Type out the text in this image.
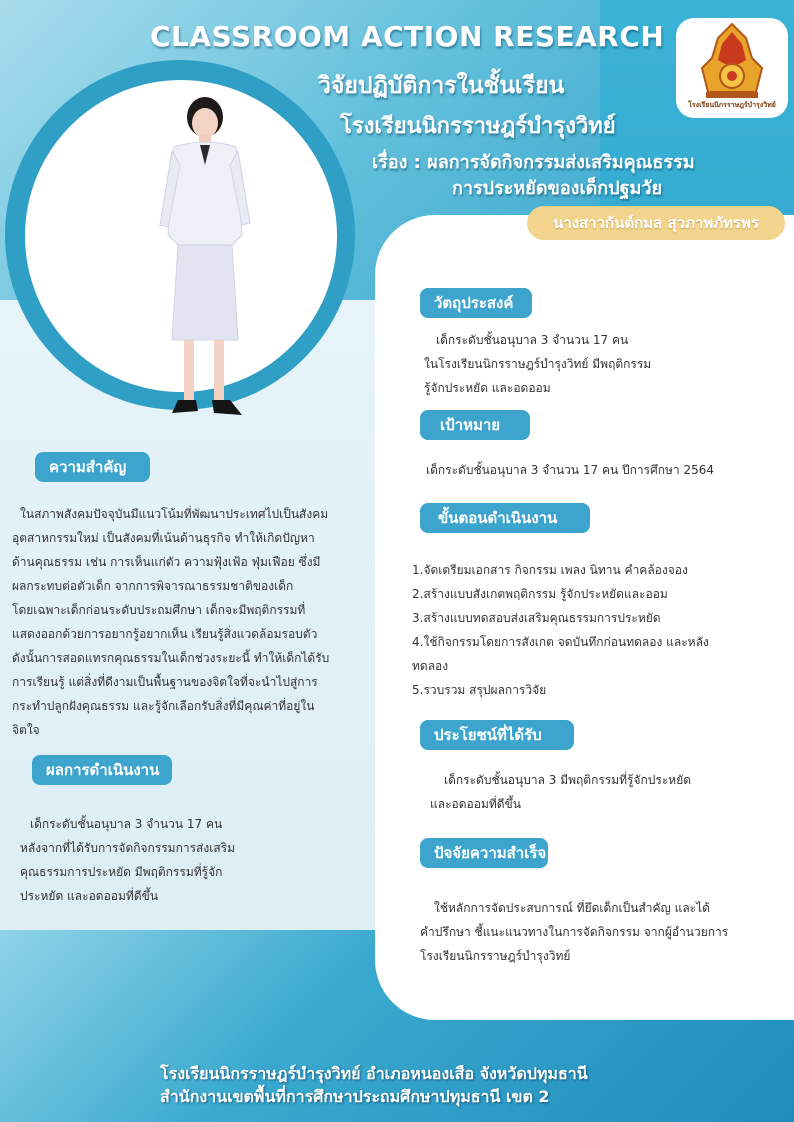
CLASSROOM ACTION RESEARCH
วิจัยปฏิบัติการในชั้นเรียน
โรงเรียนนิกรราษฎร์บำรุงวิทย์
เรื่อง : ผลการจัดกิจกรรมส่งเสริมคุณธรรม
การประหยัดของเด็กปฐมวัย
โรงเรียนนิกรราษฎร์บำรุงวิทย์
นางสาวกันต์กมล สุวภาพภัทรพร
ความสำคัญ

ในสภาพสังคมปัจจุบันมีแนวโน้มที่พัฒนาประเทศไปเป็นสังคม

อุตสาหกรรมใหม่ เป็นสังคมที่เน้นด้านธุรกิจ ทำให้เกิดปัญหา

ด้านคุณธรรม เช่น การเห็นแก่ตัว ความฟุ้งเฟ้อ ฟุ่มเฟือย ซึ่งมี

ผลกระทบต่อตัวเด็ก จากการพิจารณาธรรมชาติของเด็ก

โดยเฉพาะเด็กก่อนระดับประถมศึกษา เด็กจะมีพฤติกรรมที่

แสดงออกด้วยการอยากรู้อยากเห็น เรียนรู้สิ่งแวดล้อมรอบตัว

ดังนั้นการสอดแทรกคุณธรรมในเด็กช่วงระยะนี้ ทำให้เด็กได้รับ

การเรียนรู้ แต่สิ่งที่ดีงามเป็นพื้นฐานของจิตใจที่จะนำไปสู่การ

กระทำปลูกฝังคุณธรรม และรู้จักเลือกรับสิ่งที่มีคุณค่าที่อยู่ใน

จิตใจ

ผลการดำเนินงาน

เด็กระดับชั้นอนุบาล 3 จำนวน 17 คน

หลังจากที่ได้รับการจัดกิจกรรมการส่งเสริม

คุณธรรมการประหยัด มีพฤติกรรมที่รู้จัก

ประหยัด และอดออมที่ดีขึ้น

วัตถุประสงค์

เด็กระดับชั้นอนุบาล 3 จำนวน 17 คน

ในโรงเรียนนิกรราษฎร์บำรุงวิทย์ มีพฤติกรรม

รู้จักประหยัด และอดออม

เป้าหมาย

เด็กระดับชั้นอนุบาล 3 จำนวน 17 คน ปีการศึกษา 2564

ขั้นตอนดำเนินงาน

1.จัดเตรียมเอกสาร กิจกรรม เพลง นิทาน คำคล้องจอง

2.สร้างแบบสังเกตพฤติกรรม รู้จักประหยัดและออม

3.สร้างแบบทดสอบส่งเสริมคุณธรรมการประหยัด

4.ใช้กิจกรรมโดยการสังเกต จดบันทึกก่อนทดลอง และหลัง

ทดลอง

5.รวบรวม สรุปผลการวิจัย

ประโยชน์ที่ได้รับ

เด็กระดับชั้นอนุบาล 3 มีพฤติกรรมที่รู้จักประหยัด

และอดออมที่ดีขึ้น

ปัจจัยความสำเร็จ

ใช้หลักการจัดประสบการณ์ ที่ยึดเด็กเป็นสำคัญ และได้

คำปรึกษา ชี้แนะแนวทางในการจัดกิจกรรม จากผู้อำนวยการ

โรงเรียนนิกรราษฎร์บำรุงวิทย์

โรงเรียนนิกรราษฎร์บำรุงวิทย์ อำเภอหนองเสือ จังหวัดปทุมธานี
สำนักงานเขตพื้นที่การศึกษาประถมศึกษาปทุมธานี เขต 2
